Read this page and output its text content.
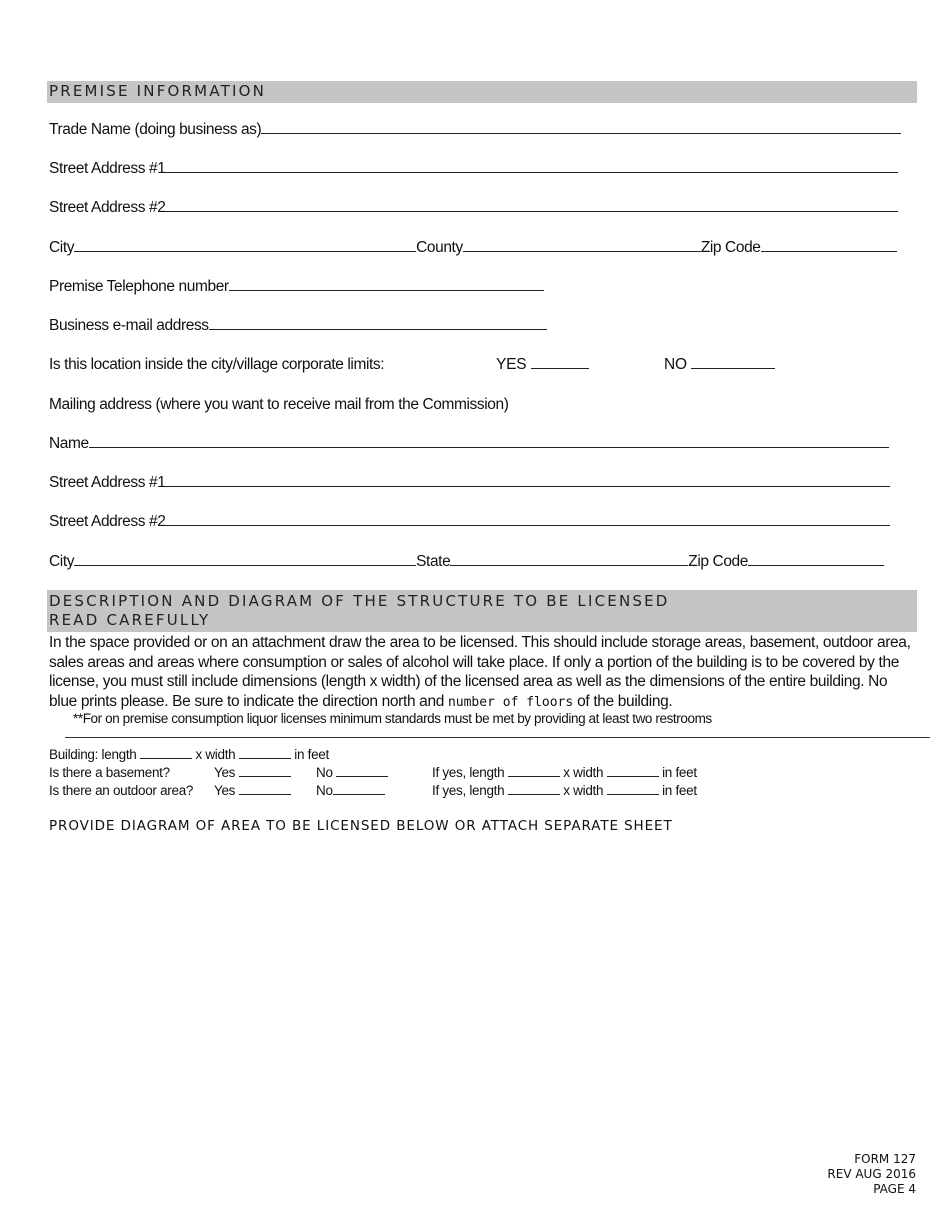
PREMISE INFORMATION
Trade Name (doing business as)
Street Address #1
Street Address #2
City	County	Zip Code
Premise Telephone number
Business e-mail address
Is this location inside the city/village corporate limits:	YES	NO
Mailing address (where you want to receive mail from the Commission)
Name
Street Address #1
Street Address #2
City	State	Zip Code
DESCRIPTION AND DIAGRAM OF THE STRUCTURE TO BE LICENSED
READ CAREFULLY
In the space provided or on an attachment draw the area to be licensed. This should include storage areas, basement, outdoor area, sales areas and areas where consumption or sales of alcohol will take place. If only a portion of the building is to be covered by the license, you must still include dimensions (length x width) of the licensed area as well as the dimensions of the entire building. No blue prints please. Be sure to indicate the direction north and number of floors of the building.
**For on premise consumption liquor licenses minimum standards must be met by providing at least two restrooms
Building: length	x width	in feet
Is there a basement?	Yes	No	If yes, length	x width	in feet
Is there an outdoor area? Yes	No	If yes, length	x width	in feet
PROVIDE DIAGRAM OF AREA TO BE LICENSED BELOW OR ATTACH SEPARATE SHEET
FORM 127
REV AUG 2016
PAGE 4
